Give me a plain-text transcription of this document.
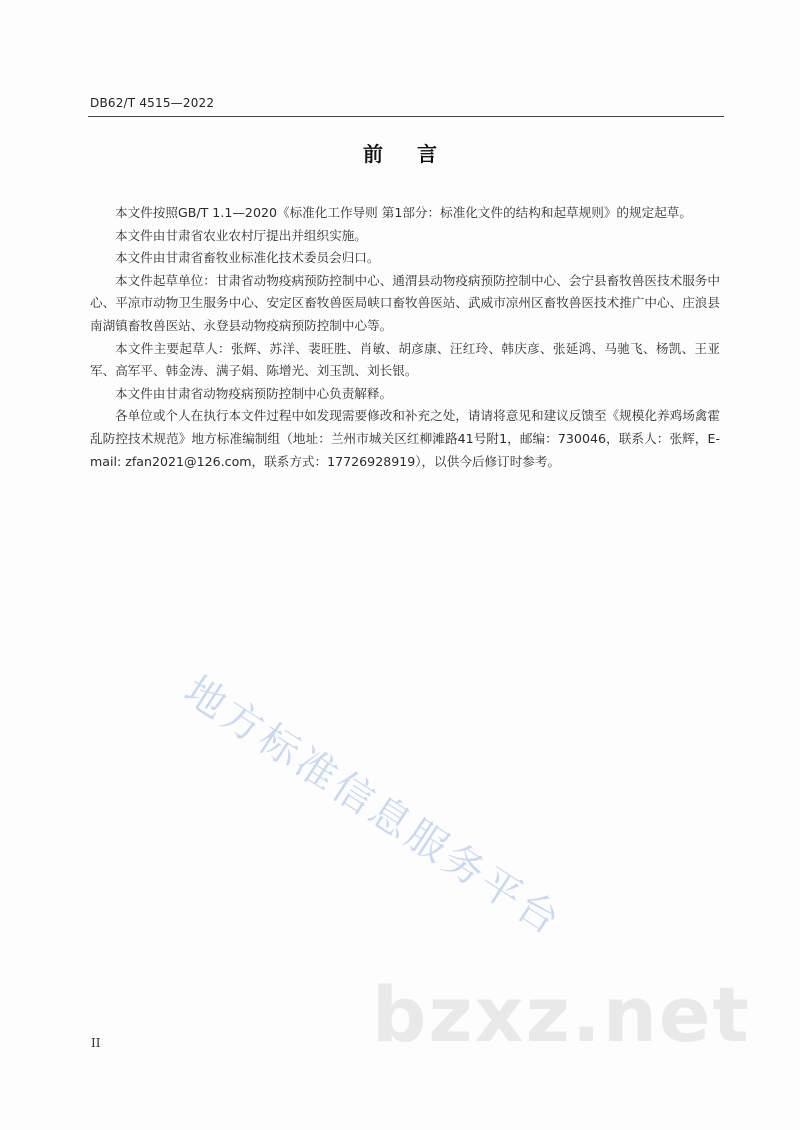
DB62/T 4515—2022
前言

本文件按照GB/T 1.1—2020《标准化工作导则 第1部分：标准化文件的结构和起草规则》的规定起草。

本文件由甘肃省农业农村厅提出并组织实施。

本文件由甘肃省畜牧业标准化技术委员会归口。

本文件起草单位：甘肃省动物疫病预防控制中心、通渭县动物疫病预防控制中心、会宁县畜牧兽医技术服务中心、平凉市动物卫生服务中心、安定区畜牧兽医局峡口畜牧兽医站、武威市凉州区畜牧兽医技术推广中心、庄浪县南湖镇畜牧兽医站、永登县动物疫病预防控制中心等。

本文件主要起草人：张辉、苏洋、裴旺胜、肖敏、胡彦康、汪红玲、韩庆彦、张延鸿、马驰飞、杨凯、王亚军、高军平、韩金涛、满子娟、陈增光、刘玉凯、刘长银。

本文件由甘肃省动物疫病预防控制中心负责解释。

各单位或个人在执行本文件过程中如发现需要修改和补充之处，请请将意见和建议反馈至《规模化养鸡场禽霍乱防控技术规范》地方标准编制组（地址：兰州市城关区红柳滩路41号附1，邮编：730046，联系人：张辉，E-mail: zfan2021@126.com，联系方式：17726928919），以供今后修订时参考。

地方标准信息服务平台
bzxz.net
II
